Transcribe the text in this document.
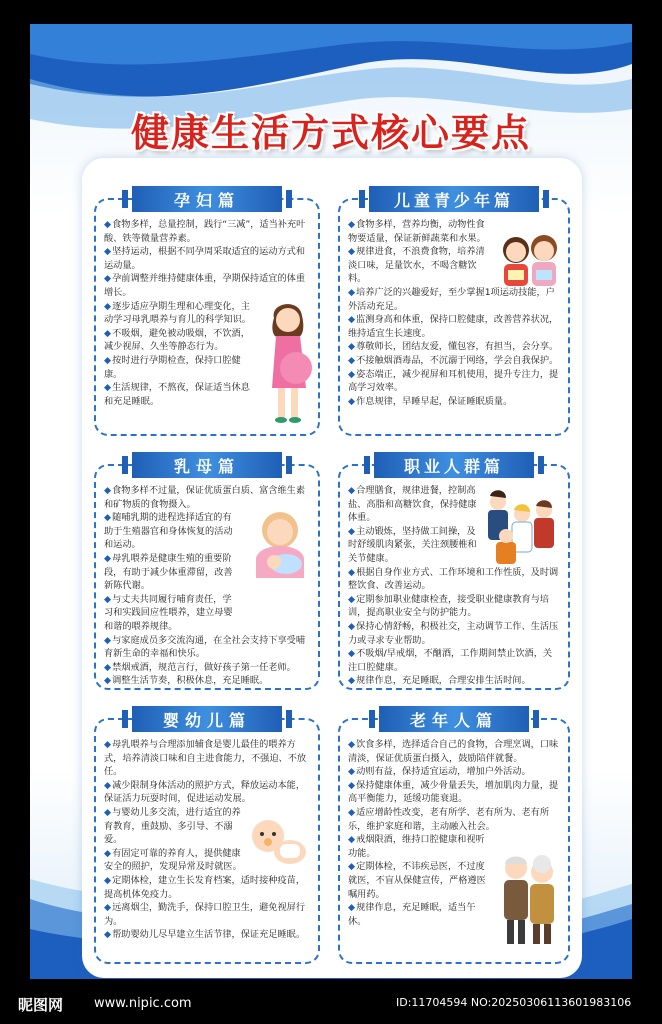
健康生活方式核心要点
孕妇篇

◆食物多样，总量控制，践行“三减”，适当补充叶酸、铁等微量营养素。

◆坚持运动，根据不同孕周采取适宜的运动方式和运动量。

◆孕前调整并维持健康体重，孕期保持适宜的体重增长。

◆逐步适应孕期生理和心理变化，主动学习母乳喂养与育儿的科学知识。

◆不吸烟，避免被动吸烟，不饮酒，减少视屏、久坐等静态行为。

◆按时进行孕期检查，保持口腔健康。

◆生活规律，不熬夜，保证适当休息和充足睡眠。

儿童青少年篇

◆食物多样，营养均衡，动物性食物要适量，保证新鲜蔬菜和水果。

◆规律进食，不浪费食物，培养清淡口味，足量饮水，不喝含糖饮料。

◆培养广泛的兴趣爱好，至少掌握1项运动技能，户外活动充足。

◆监测身高和体重，保持口腔健康，改善营养状况，维持适宜生长速度。

◆尊敬师长，团结友爱，懂包容，有担当，会分享。

◆不接触烟酒毒品，不沉溺于网络，学会自我保护。

◆姿态端正，减少视屏和耳机使用，提升专注力，提高学习效率。

◆作息规律，早睡早起，保证睡眠质量。

乳母篇

◆食物多样不过量，保证优质蛋白质、富含维生素和矿物质的食物摄入。

◆随哺乳期的进程选择适宜的有助于生殖器官和身体恢复的活动和运动。

◆母乳喂养是健康生殖的重要阶段，有助于减少体重滞留，改善新陈代谢。

◆与丈夫共同履行哺育责任，学习和实践回应性喂养，建立母婴和谐的喂养规律。

◆与家庭成员多交流沟通，在全社会支持下享受哺育新生命的幸福和快乐。

◆禁烟戒酒，规范言行，做好孩子第一任老师。

◆调整生活节奏，积极休息，充足睡眠。

职业人群篇

◆合理膳食，规律进餐，控制高盐、高脂和高糖饮食，保持健康体重。

◆主动锻炼，坚持做工间操，及时舒缓肌肉紧张，关注颈腰椎和关节健康。

◆根据自身作业方式、工作环境和工作性质，及时调整饮食、改善运动。

◆定期参加职业健康检查，接受职业健康教育与培训，提高职业安全与防护能力。

◆保持心情舒畅，积极社交，主动调节工作、生活压力或寻求专业帮助。

◆不吸烟/早戒烟，不酗酒，工作期间禁止饮酒，关注口腔健康。

◆规律作息，充足睡眠，合理安排生活时间。

婴幼儿篇

◆母乳喂养与合理添加辅食是婴儿最佳的喂养方式，培养清淡口味和自主进食能力，不强迫、不放任。

◆减少限制身体活动的照护方式，释放运动本能，保证活力玩耍时间，促进运动发展。

◆与婴幼儿多交流，进行适宜的养育教育，重鼓励、多引导、不溺爱。

◆有固定可靠的养育人，提供健康安全的照护，发现异常及时就医。

◆定期体检，建立生长发育档案，适时接种疫苗，提高机体免疫力。

◆远离烟尘，勤洗手，保持口腔卫生，避免视屏行为。

◆帮助婴幼儿尽早建立生活节律，保证充足睡眠。

老年人篇

◆饮食多样，选择适合自己的食物，合理烹调，口味清淡，保证优质蛋白摄入，鼓励陪伴就餐。

◆动则有益，保持适宜运动，增加户外活动。

◆保持健康体重，减少骨量丢失，增加肌肉力量，提高平衡能力，延缓功能衰退。

◆适应增龄性改变，老有所学、老有所为、老有所乐，维护家庭和谐，主动融入社会。

◆戒烟限酒，维持口腔健康和视听功能。

◆定期体检，不讳疾忌医，不过度就医，不盲从保健宣传，严格遵医嘱用药。

◆规律作息，充足睡眠，适当午休。

昵图网 www.nipic.com	ID:11704594 NO:20250306113601983106
